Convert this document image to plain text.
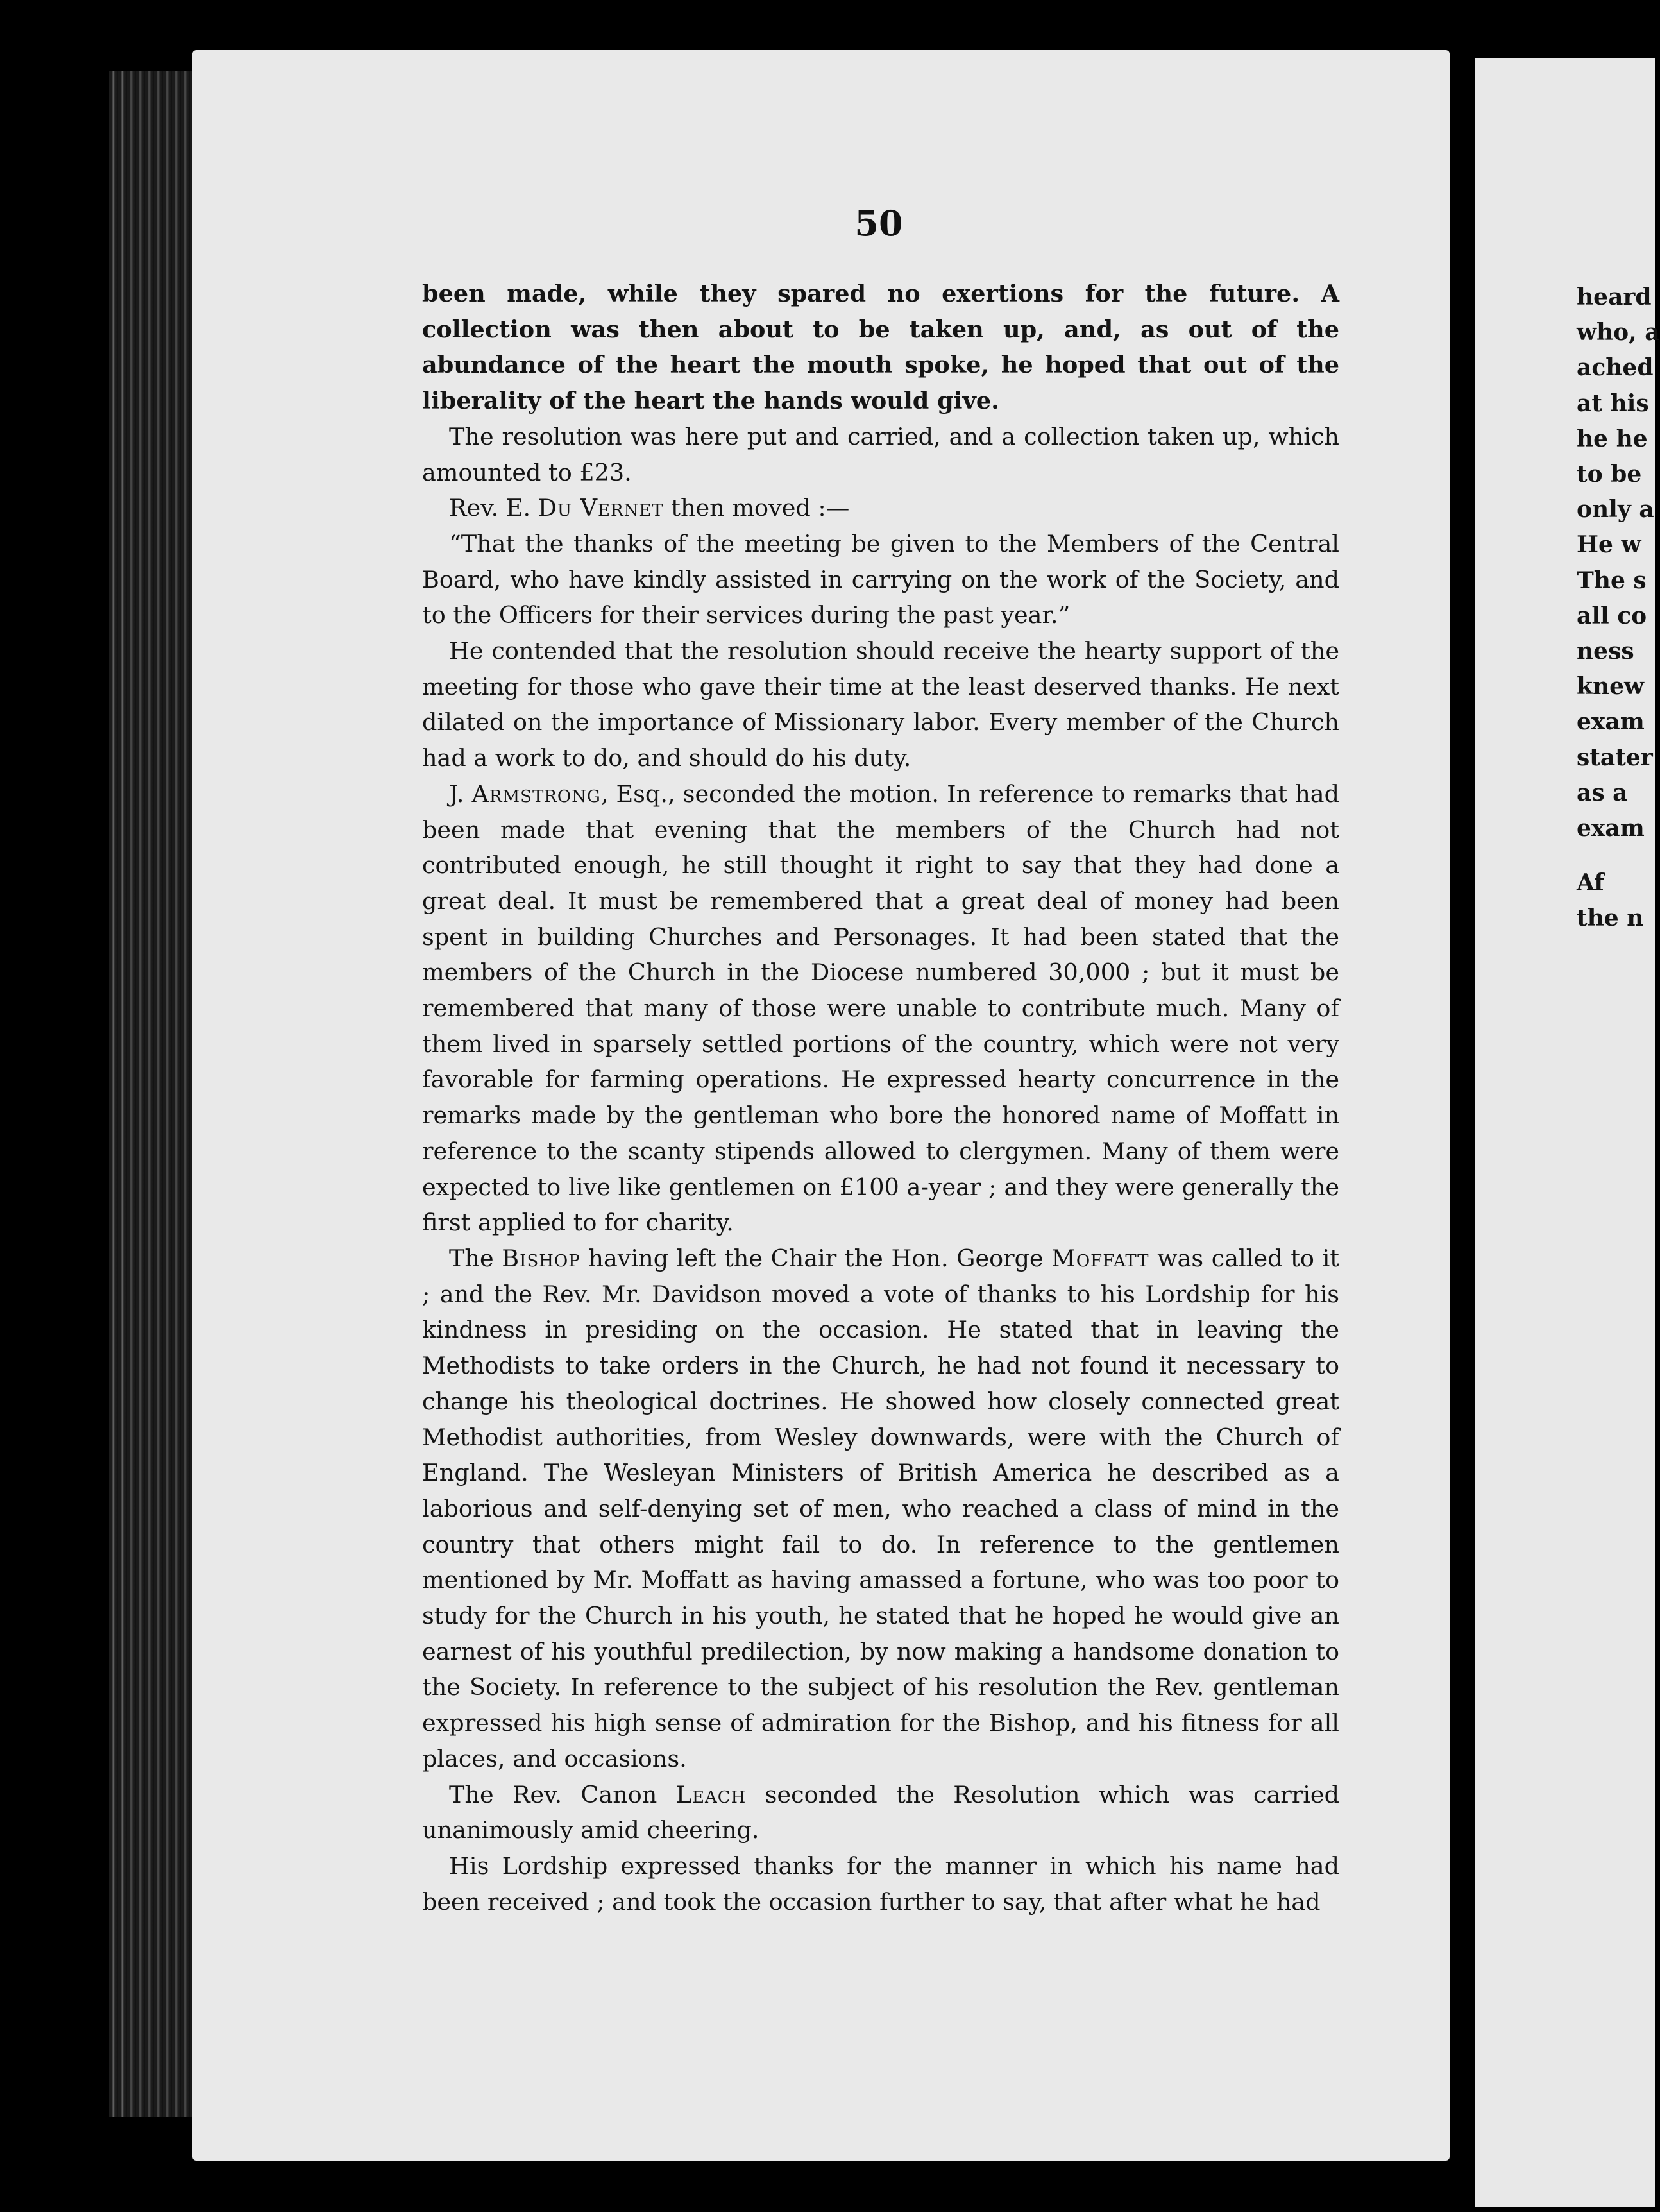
50

been made, while they spared no exertions for the future. A collection was then about to be taken up, and, as out of the abundance of the heart the mouth spoke, he hoped that out of the liberality of the heart the hands would give.

The resolution was here put and carried, and a collection taken up, which amounted to £23.

Rev. E. Du Vernet then moved :—

“That the thanks of the meeting be given to the Members of the Central Board, who have kindly assisted in carrying on the work of the Society, and to the Officers for their services during the past year.”

He contended that the resolution should receive the hearty support of the meeting for those who gave their time at the least deserved thanks. He next dilated on the importance of Missionary labor. Every member of the Church had a work to do, and should do his duty.

J. Armstrong, Esq., seconded the motion. In reference to remarks that had been made that evening that the members of the Church had not contributed enough, he still thought it right to say that they had done a great deal. It must be remembered that a great deal of money had been spent in building Churches and Personages. It had been stated that the members of the Church in the Diocese numbered 30,000 ; but it must be remembered that many of those were unable to contribute much. Many of them lived in sparsely settled portions of the country, which were not very favorable for farming operations. He expressed hearty concurrence in the remarks made by the gentleman who bore the honored name of Moffatt in reference to the scanty stipends allowed to clergymen. Many of them were expected to live like gentlemen on £100 a-year ; and they were generally the first applied to for charity.

The Bishop having left the Chair the Hon. George Moffatt was called to it ; and the Rev. Mr. Davidson moved a vote of thanks to his Lordship for his kindness in presiding on the occasion. He stated that in leaving the Methodists to take orders in the Church, he had not found it necessary to change his theological doctrines. He showed how closely connected great Methodist authorities, from Wesley downwards, were with the Church of England. The Wesleyan Ministers of British America he described as a laborious and self-denying set of men, who reached a class of mind in the country that others might fail to do. In reference to the gentlemen mentioned by Mr. Moffatt as having amassed a fortune, who was too poor to study for the Church in his youth, he stated that he hoped he would give an earnest of his youthful predilection, by now making a handsome donation to the Society. In reference to the subject of his resolution the Rev. gentleman expressed his high sense of admiration for the Bishop, and his fitness for all places, and occasions.

The Rev. Canon Leach seconded the Resolution which was carried unanimously amid cheering.

His Lordship expressed thanks for the manner in which his name had been received ; and took the occasion further to say, that after what he had

heard
who, a
ached
at his
he he
to be
only a
He w
The s
all co
ness
knew
exam
stater
as a
exam
Af
the n
